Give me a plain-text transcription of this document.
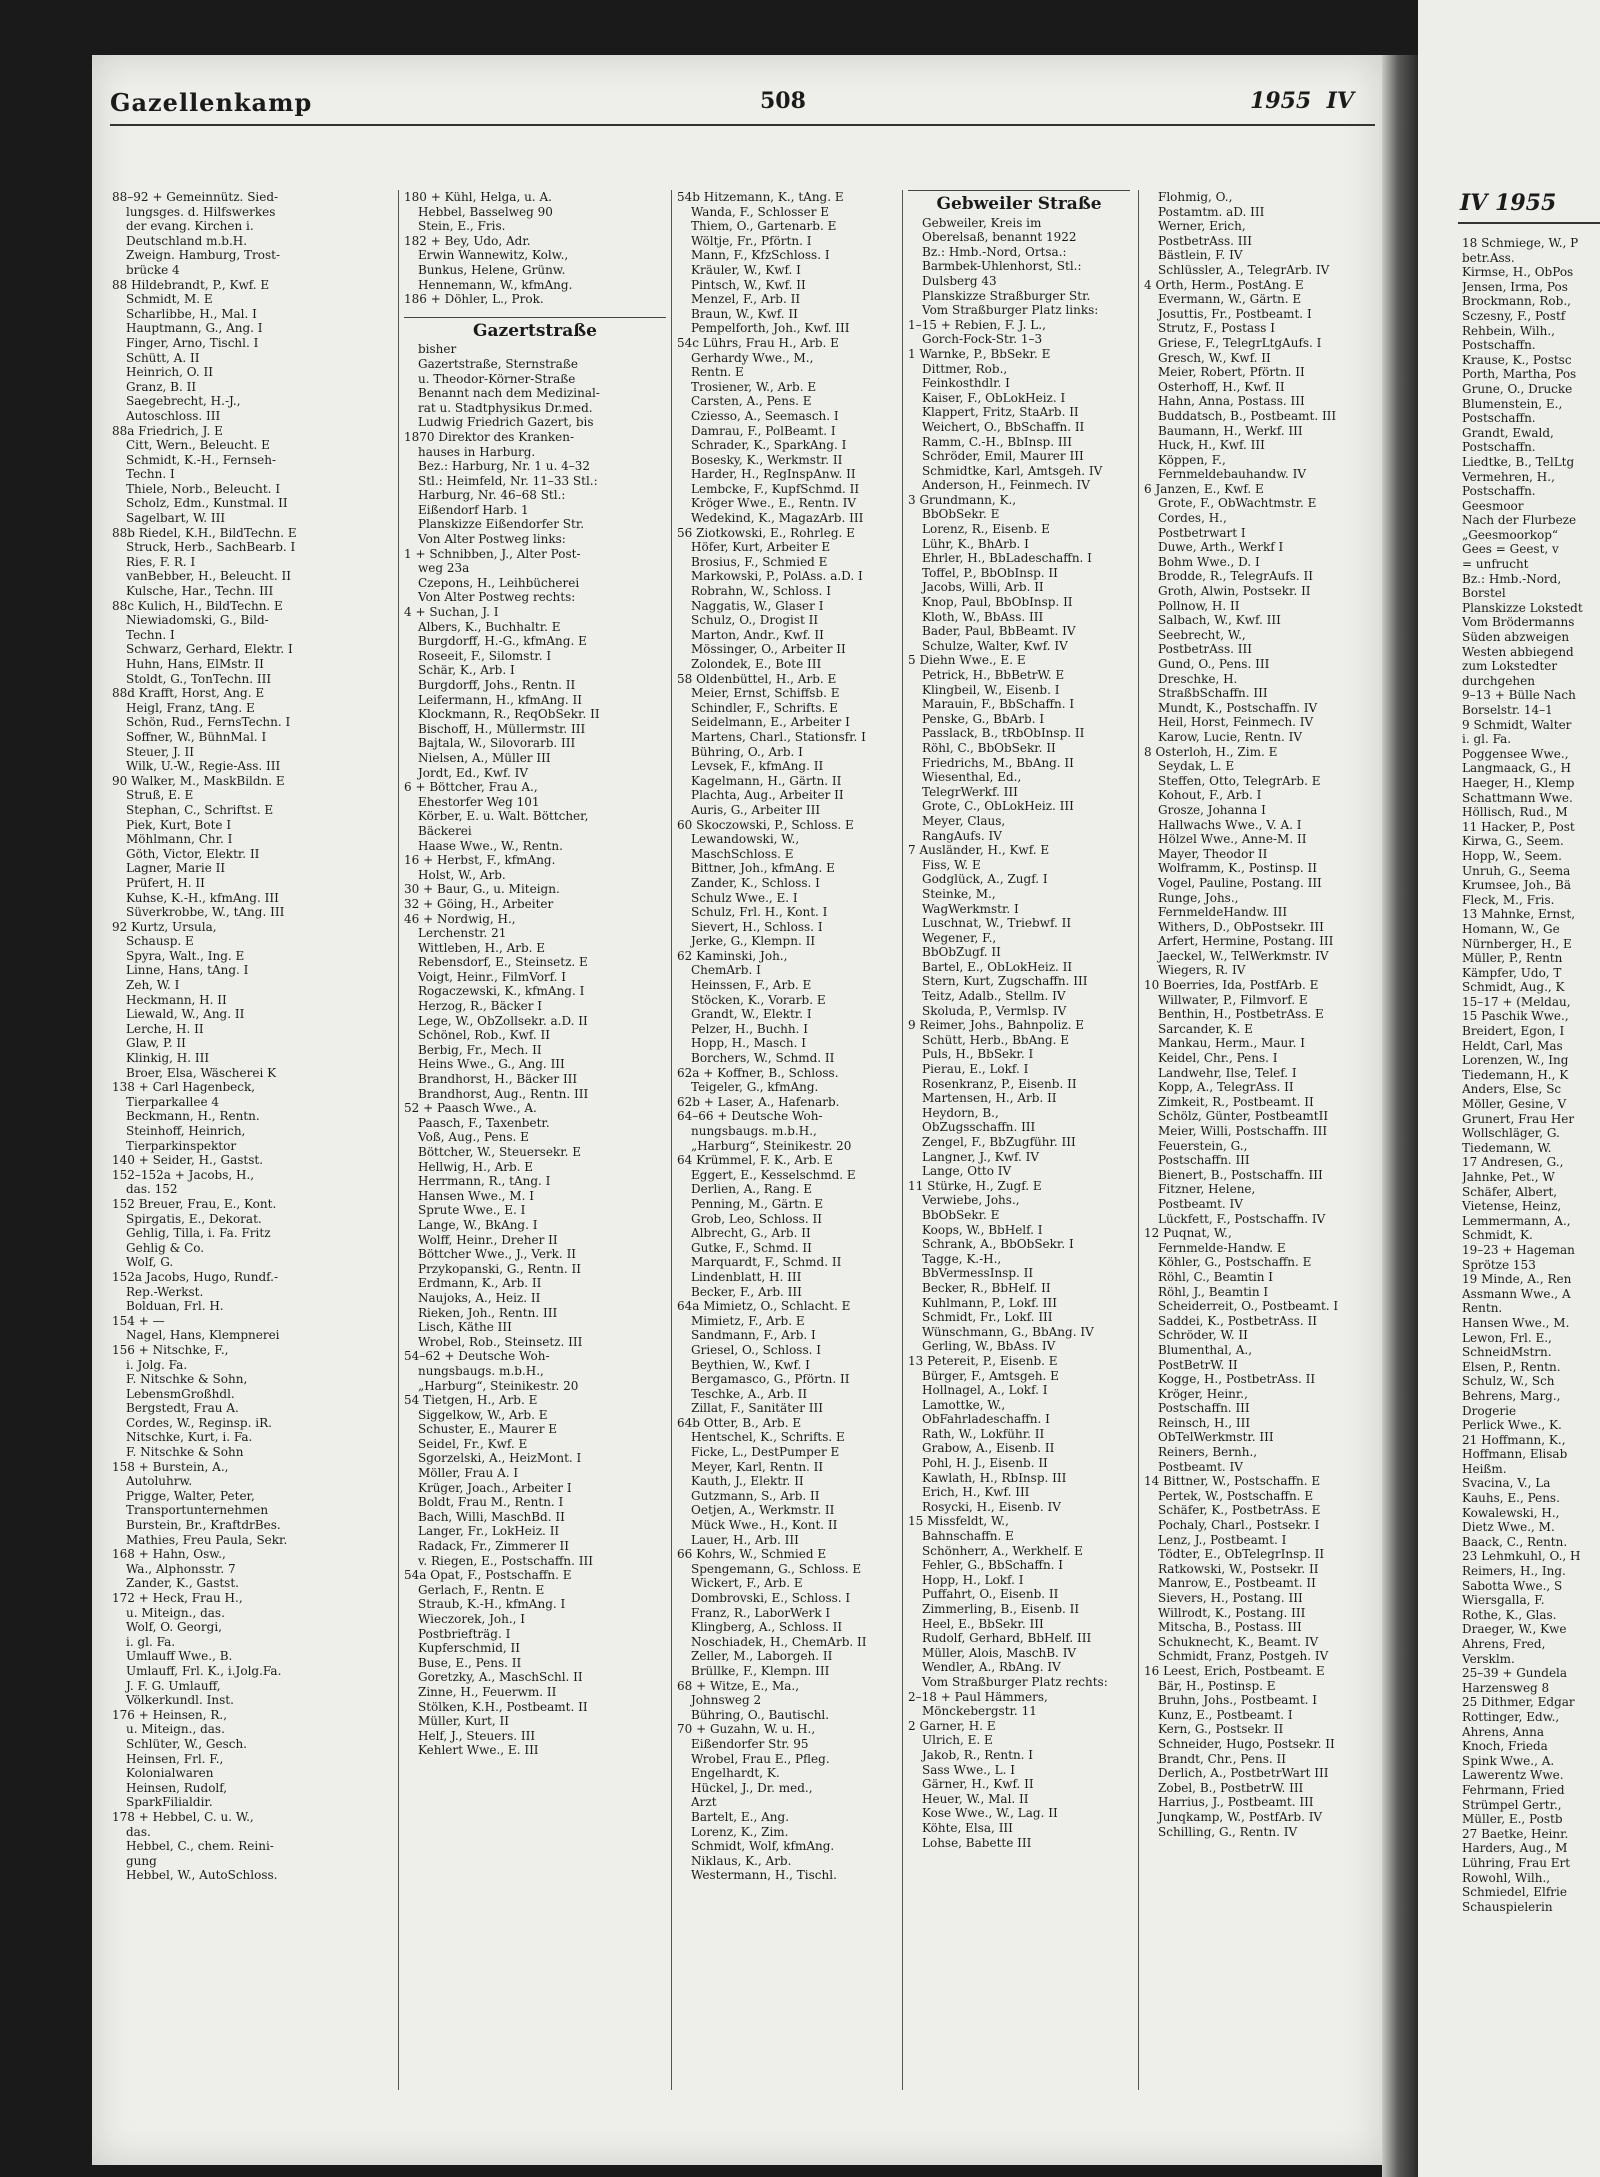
Gazellenkamp	508	1955 IV
88–92 + Gemeinnütz. Sied-
lungsges. d. Hilfswerkes
der evang. Kirchen i.
Deutschland m.b.H.
Zweign. Hamburg, Trost-
brücke 4
88 Hildebrandt, P., Kwf. E
Schmidt, M. E
Scharlibbe, H., Mal. I
Hauptmann, G., Ang. I
Finger, Arno, Tischl. I
Schütt, A. II
Heinrich, O. II
Granz, B. II
Saegebrecht, H.-J.,
Autoschloss. III
88a Friedrich, J. E
Citt, Wern., Beleucht. E
Schmidt, K.-H., Fernseh-
Techn. I
Thiele, Norb., Beleucht. I
Scholz, Edm., Kunstmal. II
Sagelbart, W. III
88b Riedel, K.H., BildTechn. E
Struck, Herb., SachBearb. I
Ries, F. R. I
vanBebber, H., Beleucht. II
Kulsche, Har., Techn. III
88c Kulich, H., BildTechn. E
Niewiadomski, G., Bild-
Techn. I
Schwarz, Gerhard, Elektr. I
Huhn, Hans, ElMstr. II
Stoldt, G., TonTechn. III
88d Krafft, Horst, Ang. E
Heigl, Franz, tAng. E
Schön, Rud., FernsTechn. I
Soffner, W., BühnMal. I
Steuer, J. II
Wilk, U.-W., Regie-Ass. III
90 Walker, M., MaskBildn. E
Struß, E. E
Stephan, C., Schriftst. E
Piek, Kurt, Bote I
Möhlmann, Chr. I
Göth, Victor, Elektr. II
Lagner, Marie II
Prüfert, H. II
Kuhse, K.-H., kfmAng. III
Süverkrobbe, W., tAng. III
92 Kurtz, Ursula,
Schausp. E
Spyra, Walt., Ing. E
Linne, Hans, tAng. I
Zeh, W. I
Heckmann, H. II
Liewald, W., Ang. II
Lerche, H. II
Glaw, P. II
Klinkig, H. III
Broer, Elsa, Wäscherei K
138 + Carl Hagenbeck,
Tierparkallee 4
Beckmann, H., Rentn.
Steinhoff, Heinrich,
Tierparkinspektor
140 + Seider, H., Gastst.
152–152a + Jacobs, H.,
das. 152
152 Breuer, Frau, E., Kont.
Spirgatis, E., Dekorat.
Gehlig, Tilla, i. Fa. Fritz
Gehlig & Co.
Wolf, G.
152a Jacobs, Hugo, Rundf.-
Rep.-Werkst.
Bolduan, Frl. H.
154 + —
Nagel, Hans, Klempnerei
156 + Nitschke, F.,
i. Jolg. Fa.
F. Nitschke & Sohn,
LebensmGroßhdl.
Bergstedt, Frau A.
Cordes, W., Reginsp. iR.
Nitschke, Kurt, i. Fa.
F. Nitschke & Sohn
158 + Burstein, A.,
Autoluhrw.
Prigge, Walter, Peter,
Transportunternehmen
Burstein, Br., KraftdrBes.
Mathies, Freu Paula, Sekr.
168 + Hahn, Osw.,
Wa., Alphonsstr. 7
Zander, K., Gastst.
172 + Heck, Frau H.,
u. Miteign., das.
Wolf, O. Georgi,
i. gl. Fa.
Umlauff Wwe., B.
Umlauff, Frl. K., i.Jolg.Fa.
J. F. G. Umlauff,
Völkerkundl. Inst.
176 + Heinsen, R.,
u. Miteign., das.
Schlüter, W., Gesch.
Heinsen, Frl. F.,
Kolonialwaren
Heinsen, Rudolf,
SparkFilialdir.
178 + Hebbel, C. u. W.,
das.
Hebbel, C., chem. Reini-
gung
Hebbel, W., AutoSchloss.
180 + Kühl, Helga, u. A.
Hebbel, Basselweg 90
Stein, E., Fris.
182 + Bey, Udo, Adr.
Erwin Wannewitz, Kolw.,
Bunkus, Helene, Grünw.
Hennemann, W., kfmAng.
186 + Döhler, L., Prok.
Gazertstraße
bisher
Gazertstraße, Sternstraße
u. Theodor-Körner-Straße
Benannt nach dem Medizinal-
rat u. Stadtphysikus Dr.med.
Ludwig Friedrich Gazert, bis
1870 Direktor des Kranken-
hauses in Harburg.
Bez.: Harburg, Nr. 1 u. 4–32
Stl.: Heimfeld, Nr. 11–33 Stl.:
Harburg, Nr. 46–68 Stl.:
Eißendorf Harb. 1
Planskizze Eißendorfer Str.
Von Alter Postweg links:
1 + Schnibben, J., Alter Post-
weg 23a
Czepons, H., Leihbücherei
Von Alter Postweg rechts:
4 + Suchan, J. I
Albers, K., Buchhaltr. E
Burgdorff, H.-G., kfmAng. E
Roseeit, F., Silomstr. I
Schär, K., Arb. I
Burgdorff, Johs., Rentn. II
Leifermann, H., kfmAng. II
Klockmann, R., ReqObSekr. II
Bischoff, H., Müllermstr. III
Bajtala, W., Silovorarb. III
Nielsen, A., Müller III
Jordt, Ed., Kwf. IV
6 + Böttcher, Frau A.,
Ehestorfer Weg 101
Körber, E. u. Walt. Böttcher,
Bäckerei
Haase Wwe., W., Rentn.
16 + Herbst, F., kfmAng.
Holst, W., Arb.
30 + Baur, G., u. Miteign.
32 + Göing, H., Arbeiter
46 + Nordwig, H.,
Lerchenstr. 21
Wittleben, H., Arb. E
Rebensdorf, E., Steinsetz. E
Voigt, Heinr., FilmVorf. I
Rogaczewski, K., kfmAng. I
Herzog, R., Bäcker I
Lege, W., ObZollsekr. a.D. II
Schönel, Rob., Kwf. II
Berbig, Fr., Mech. II
Heins Wwe., G., Ang. III
Brandhorst, H., Bäcker III
Brandhorst, Aug., Rentn. III
52 + Paasch Wwe., A.
Paasch, F., Taxenbetr.
Voß, Aug., Pens. E
Böttcher, W., Steuersekr. E
Hellwig, H., Arb. E
Herrmann, R., tAng. I
Hansen Wwe., M. I
Sprute Wwe., E. I
Lange, W., BkAng. I
Wolff, Heinr., Dreher II
Böttcher Wwe., J., Verk. II
Przykopanski, G., Rentn. II
Erdmann, K., Arb. II
Naujoks, A., Heiz. II
Rieken, Joh., Rentn. III
Lisch, Käthe III
Wrobel, Rob., Steinsetz. III
54–62 + Deutsche Woh-
nungsbaugs. m.b.H.,
„Harburg“, Steinikestr. 20
54 Tietgen, H., Arb. E
Siggelkow, W., Arb. E
Schuster, E., Maurer E
Seidel, Fr., Kwf. E
Sgorzelski, A., HeizMont. I
Möller, Frau A. I
Krüger, Joach., Arbeiter I
Boldt, Frau M., Rentn. I
Bach, Willi, MaschBd. II
Langer, Fr., LokHeiz. II
Radack, Fr., Zimmerer II
v. Riegen, E., Postschaffn. III
54a Opat, F., Postschaffn. E
Gerlach, F., Rentn. E
Straub, K.-H., kfmAng. I
Wieczorek, Joh., I
Postbriefträg. I
Kupferschmid, II
Buse, E., Pens. II
Goretzky, A., MaschSchl. II
Zinne, H., Feuerwm. II
Stölken, K.H., Postbeamt. II
Müller, Kurt, II
Helf, J., Steuers. III
Kehlert Wwe., E. III
54b Hitzemann, K., tAng. E
Wanda, F., Schlosser E
Thiem, O., Gartenarb. E
Wöltje, Fr., Pförtn. I
Mann, F., KfzSchloss. I
Kräuler, W., Kwf. I
Pintsch, W., Kwf. II
Menzel, F., Arb. II
Braun, W., Kwf. II
Pempelforth, Joh., Kwf. III
54c Lührs, Frau H., Arb. E
Gerhardy Wwe., M.,
Rentn. E
Trosiener, W., Arb. E
Carsten, A., Pens. E
Cziesso, A., Seemasch. I
Damrau, F., PolBeamt. I
Schrader, K., SparkAng. I
Bosesky, K., Werkmstr. II
Harder, H., RegInspAnw. II
Lembcke, F., KupfSchmd. II
Kröger Wwe., E., Rentn. IV
Wedekind, K., MagazArb. III
56 Ziotkowski, E., Rohrleg. E
Höfer, Kurt, Arbeiter E
Brosius, F., Schmied E
Markowski, P., PolAss. a.D. I
Robrahn, W., Schloss. I
Naggatis, W., Glaser I
Schulz, O., Drogist II
Marton, Andr., Kwf. II
Mössinger, O., Arbeiter II
Zolondek, E., Bote III
58 Oldenbüttel, H., Arb. E
Meier, Ernst, Schiffsb. E
Schindler, F., Schrifts. E
Seidelmann, E., Arbeiter I
Martens, Charl., Stationsfr. I
Bühring, O., Arb. I
Levsek, F., kfmAng. II
Kagelmann, H., Gärtn. II
Plachta, Aug., Arbeiter II
Auris, G., Arbeiter III
60 Skoczowski, P., Schloss. E
Lewandowski, W.,
MaschSchloss. E
Bittner, Joh., kfmAng. E
Zander, K., Schloss. I
Schulz Wwe., E. I
Schulz, Frl. H., Kont. I
Sievert, H., Schloss. I
Jerke, G., Klempn. II
62 Kaminski, Joh.,
ChemArb. I
Heinssen, F., Arb. E
Stöcken, K., Vorarb. E
Grandt, W., Elektr. I
Pelzer, H., Buchh. I
Hopp, H., Masch. I
Borchers, W., Schmd. II
62a + Koffner, B., Schloss.
Teigeler, G., kfmAng.
62b + Laser, A., Hafenarb.
64–66 + Deutsche Woh-
nungsbaugs. m.b.H.,
„Harburg“, Steinikestr. 20
64 Krümmel, F. K., Arb. E
Eggert, E., Kesselschmd. E
Derlien, A., Rang. E
Penning, M., Gärtn. E
Grob, Leo, Schloss. II
Albrecht, G., Arb. II
Gutke, F., Schmd. II
Marquardt, F., Schmd. II
Lindenblatt, H. III
Becker, F., Arb. III
64a Mimietz, O., Schlacht. E
Mimietz, F., Arb. E
Sandmann, F., Arb. I
Griesel, O., Schloss. I
Beythien, W., Kwf. I
Bergamasco, G., Pförtn. II
Teschke, A., Arb. II
Zillat, F., Sanitäter III
64b Otter, B., Arb. E
Hentschel, K., Schrifts. E
Ficke, L., DestPumper E
Meyer, Karl, Rentn. II
Kauth, J., Elektr. II
Gutzmann, S., Arb. II
Oetjen, A., Werkmstr. II
Mück Wwe., H., Kont. II
Lauer, H., Arb. III
66 Kohrs, W., Schmied E
Spengemann, G., Schloss. E
Wickert, F., Arb. E
Dombrovski, E., Schloss. I
Franz, R., LaborWerk I
Klingberg, A., Schloss. II
Noschiadek, H., ChemArb. II
Zeller, M., Laborgeh. II
Brüllke, F., Klempn. III
68 + Witze, E., Ma.,
Johnsweg 2
Bühring, O., Bautischl.
70 + Guzahn, W. u. H.,
Eißendorfer Str. 95
Wrobel, Frau E., Pfleg.
Engelhardt, K.
Hückel, J., Dr. med.,
Arzt
Bartelt, E., Ang.
Lorenz, K., Zim.
Schmidt, Wolf, kfmAng.
Niklaus, K., Arb.
Westermann, H., Tischl.
Gebweiler Straße
Gebweiler, Kreis im
Oberelsaß, benannt 1922
Bz.: Hmb.-Nord, Ortsa.:
Barmbek-Uhlenhorst, Stl.:
Dulsberg 43
Planskizze Straßburger Str.
Vom Straßburger Platz links:
1–15 + Rebien, F. J. L.,
Gorch-Fock-Str. 1–3
1 Warnke, P., BbSekr. E
Dittmer, Rob.,
Feinkosthdlr. I
Kaiser, F., ObLokHeiz. I
Klappert, Fritz, StaArb. II
Weichert, O., BbSchaffn. II
Ramm, C.-H., BbInsp. III
Schröder, Emil, Maurer III
Schmidtke, Karl, Amtsgeh. IV
Anderson, H., Feinmech. IV
3 Grundmann, K.,
BbObSekr. E
Lorenz, R., Eisenb. E
Lühr, K., BhArb. I
Ehrler, H., BbLadeschaffn. I
Toffel, P., BbObInsp. II
Jacobs, Willi, Arb. II
Knop, Paul, BbObInsp. II
Kloth, W., BbAss. III
Bader, Paul, BbBeamt. IV
Schulze, Walter, Kwf. IV
5 Diehn Wwe., E. E
Petrick, H., BbBetrW. E
Klingbeil, W., Eisenb. I
Marauin, F., BbSchaffn. I
Penske, G., BbArb. I
Passlack, B., tRbObInsp. II
Röhl, C., BbObSekr. II
Friedrichs, M., BbAng. II
Wiesenthal, Ed.,
TelegrWerkf. III
Grote, C., ObLokHeiz. III
Meyer, Claus,
RangAufs. IV
7 Ausländer, H., Kwf. E
Fiss, W. E
Godglück, A., Zugf. I
Steinke, M.,
WagWerkmstr. I
Luschnat, W., Triebwf. II
Wegener, F.,
BbObZugf. II
Bartel, E., ObLokHeiz. II
Stern, Kurt, Zugschaffn. III
Teitz, Adalb., Stellm. IV
Skoluda, P., Vermlsp. IV
9 Reimer, Johs., Bahnpoliz. E
Schütt, Herb., BbAng. E
Puls, H., BbSekr. I
Pierau, E., Lokf. I
Rosenkranz, P., Eisenb. II
Martensen, H., Arb. II
Heydorn, B.,
ObZugsschaffn. III
Zengel, F., BbZugführ. III
Langner, J., Kwf. IV
Lange, Otto IV
11 Stürke, H., Zugf. E
Verwiebe, Johs.,
BbObSekr. E
Koops, W., BbHelf. I
Schrank, A., BbObSekr. I
Tagge, K.-H.,
BbVermessInsp. II
Becker, R., BbHelf. II
Kuhlmann, P., Lokf. III
Schmidt, Fr., Lokf. III
Wünschmann, G., BbAng. IV
Gerling, W., BbAss. IV
13 Petereit, P., Eisenb. E
Bürger, F., Amtsgeh. E
Hollnagel, A., Lokf. I
Lamottke, W.,
ObFahrladeschaffn. I
Rath, W., Lokführ. II
Grabow, A., Eisenb. II
Pohl, H. J., Eisenb. II
Kawlath, H., RbInsp. III
Erich, H., Kwf. III
Rosycki, H., Eisenb. IV
15 Missfeldt, W.,
Bahnschaffn. E
Schönherr, A., Werkhelf. E
Fehler, G., BbSchaffn. I
Hopp, H., Lokf. I
Puffahrt, O., Eisenb. II
Zimmerling, B., Eisenb. II
Heel, E., BbSekr. III
Rudolf, Gerhard, BbHelf. III
Müller, Alois, MaschB. IV
Wendler, A., RbAng. IV
Vom Straßburger Platz rechts:
2–18 + Paul Hämmers,
Mönckebergstr. 11
2 Garner, H. E
Ulrich, E. E
Jakob, R., Rentn. I
Sass Wwe., L. I
Gärner, H., Kwf. II
Heuer, W., Mal. II
Kose Wwe., W., Lag. II
Köhte, Elsa, III
Lohse, Babette III
Flohmig, O.,
Postamtm. aD. III
Werner, Erich,
PostbetrAss. III
Bästlein, F. IV
Schlüssler, A., TelegrArb. IV
4 Orth, Herm., PostAng. E
Evermann, W., Gärtn. E
Josuttis, Fr., Postbeamt. I
Strutz, F., Postass I
Griese, F., TelegrLtgAufs. I
Gresch, W., Kwf. II
Meier, Robert, Pförtn. II
Osterhoff, H., Kwf. II
Hahn, Anna, Postass. III
Buddatsch, B., Postbeamt. III
Baumann, H., Werkf. III
Huck, H., Kwf. III
Köppen, F.,
Fernmeldebauhandw. IV
6 Janzen, E., Kwf. E
Grote, F., ObWachtmstr. E
Cordes, H.,
Postbetrwart I
Duwe, Arth., Werkf I
Bohm Wwe., D. I
Brodde, R., TelegrAufs. II
Groth, Alwin, Postsekr. II
Pollnow, H. II
Salbach, W., Kwf. III
Seebrecht, W.,
PostbetrAss. III
Gund, O., Pens. III
Dreschke, H.
StraßbSchaffn. III
Mundt, K., Postschaffn. IV
Heil, Horst, Feinmech. IV
Karow, Lucie, Rentn. IV
8 Osterloh, H., Zim. E
Seydak, L. E
Steffen, Otto, TelegrArb. E
Kohout, F., Arb. I
Grosze, Johanna I
Hallwachs Wwe., V. A. I
Hölzel Wwe., Anne-M. II
Mayer, Theodor II
Wolframm, K., Postinsp. II
Vogel, Pauline, Postang. III
Runge, Johs.,
FernmeldeHandw. III
Withers, D., ObPostsekr. III
Arfert, Hermine, Postang. III
Jaeckel, W., TelWerkmstr. IV
Wiegers, R. IV
10 Boerries, Ida, PostfArb. E
Willwater, P., Filmvorf. E
Benthin, H., PostbetrAss. E
Sarcander, K. E
Mankau, Herm., Maur. I
Keidel, Chr., Pens. I
Landwehr, Ilse, Telef. I
Kopp, A., TelegrAss. II
Zimkeit, R., Postbeamt. II
Schölz, Günter, PostbeamtII
Meier, Willi, Postschaffn. III
Feuerstein, G.,
Postschaffn. III
Bienert, B., Postschaffn. III
Fitzner, Helene,
Postbeamt. IV
Lückfett, F., Postschaffn. IV
12 Puqnat, W.,
Fernmelde-Handw. E
Köhler, G., Postschaffn. E
Röhl, C., Beamtin I
Röhl, J., Beamtin I
Scheiderreit, O., Postbeamt. I
Saddei, K., PostbetrAss. II
Schröder, W. II
Blumenthal, A.,
PostBetrW. II
Kogge, H., PostbetrAss. II
Kröger, Heinr.,
Postschaffn. III
Reinsch, H., III
ObTelWerkmstr. III
Reiners, Bernh.,
Postbeamt. IV
14 Bittner, W., Postschaffn. E
Pertek, W., Postschaffn. E
Schäfer, K., PostbetrAss. E
Pochaly, Charl., Postsekr. I
Lenz, J., Postbeamt. I
Tödter, E., ObTelegrInsp. II
Ratkowski, W., Postsekr. II
Manrow, E., Postbeamt. II
Sievers, H., Postang. III
Willrodt, K., Postang. III
Mitscha, B., Postass. III
Schuknecht, K., Beamt. IV
Schmidt, Franz, Postgeh. IV
16 Leest, Erich, Postbeamt. E
Bär, H., Postinsp. E
Bruhn, Johs., Postbeamt. I
Kunz, E., Postbeamt. I
Kern, G., Postsekr. II
Schneider, Hugo, Postsekr. II
Brandt, Chr., Pens. II
Derlich, A., PostbetrWart III
Zobel, B., PostbetrW. III
Harrius, J., Postbeamt. III
Junqkamp, W., PostfArb. IV
Schilling, G., Rentn. IV
IV 1955
18 Schmiege, W., P
betr.Ass.
Kirmse, H., ObPos
Jensen, Irma, Pos
Brockmann, Rob.,
Sczesny, F., Postf
Rehbein, Wilh.,
Postschaffn.
Krause, K., Postsc
Porth, Martha, Pos
Grune, O., Drucke
Blumenstein, E.,
Postschaffn.
Grandt, Ewald,
Postschaffn.
Liedtke, B., TelLtg
Vermehren, H.,
Postschaffn.
Geesmoor
Nach der Flurbeze
„Geesmoorkop“
Gees = Geest, v
= unfrucht
Bz.: Hmb.-Nord,
Borstel
Planskizze Lokstedt
Vom Brödermanns
Süden abzweigen
Westen abbiegend
zum Lokstedter
durchgehen
9–13 + Bülle Nach
Borselstr. 14–1
9 Schmidt, Walter
i. gl. Fa.
Poggensee Wwe.,
Langmaack, G., H
Haeger, H., Klemp
Schattmann Wwe.
Höllisch, Rud., M
11 Hacker, P., Post
Kirwa, G., Seem.
Hopp, W., Seem.
Unruh, G., Seema
Krumsee, Joh., Bä
Fleck, M., Fris.
13 Mahnke, Ernst,
Homann, W., Ge
Nürnberger, H., E
Müller, P., Rentn
Kämpfer, Udo, T
Schmidt, Aug., K
15–17 + (Meldau,
15 Paschik Wwe.,
Breidert, Egon, I
Heldt, Carl, Mas
Lorenzen, W., Ing
Tiedemann, H., K
Anders, Else, Sc
Möller, Gesine, V
Grunert, Frau Her
Wollschläger, G.
Tiedemann, W.
17 Andresen, G.,
Jahnke, Pet., W
Schäfer, Albert,
Vietense, Heinz,
Lemmermann, A.,
Schmidt, K.
19–23 + Hageman
Sprötze 153
19 Minde, A., Ren
Assmann Wwe., A
Rentn.
Hansen Wwe., M.
Lewon, Frl. E.,
SchneidMstrn.
Elsen, P., Rentn.
Schulz, W., Sch
Behrens, Marg.,
Drogerie
Perlick Wwe., K.
21 Hoffmann, K.,
Hoffmann, Elisab
Heißm.
Svacina, V., La
Kauhs, E., Pens.
Kowalewski, H.,
Dietz Wwe., M.
Baack, C., Rentn.
23 Lehmkuhl, O., H
Reimers, H., Ing.
Sabotta Wwe., S
Wiersgalla, F.
Rothe, K., Glas.
Draeger, W., Kwe
Ahrens, Fred,
Versklm.
25–39 + Gundela
Harzensweg 8
25 Dithmer, Edgar
Rottinger, Edw.,
Ahrens, Anna
Knoch, Frieda
Spink Wwe., A.
Lawerentz Wwe.
Fehrmann, Fried
Strümpel Gertr.,
Müller, E., Postb
27 Baetke, Heinr.
Harders, Aug., M
Lühring, Frau Ert
Rowohl, Wilh.,
Schmiedel, Elfrie
Schauspielerin
